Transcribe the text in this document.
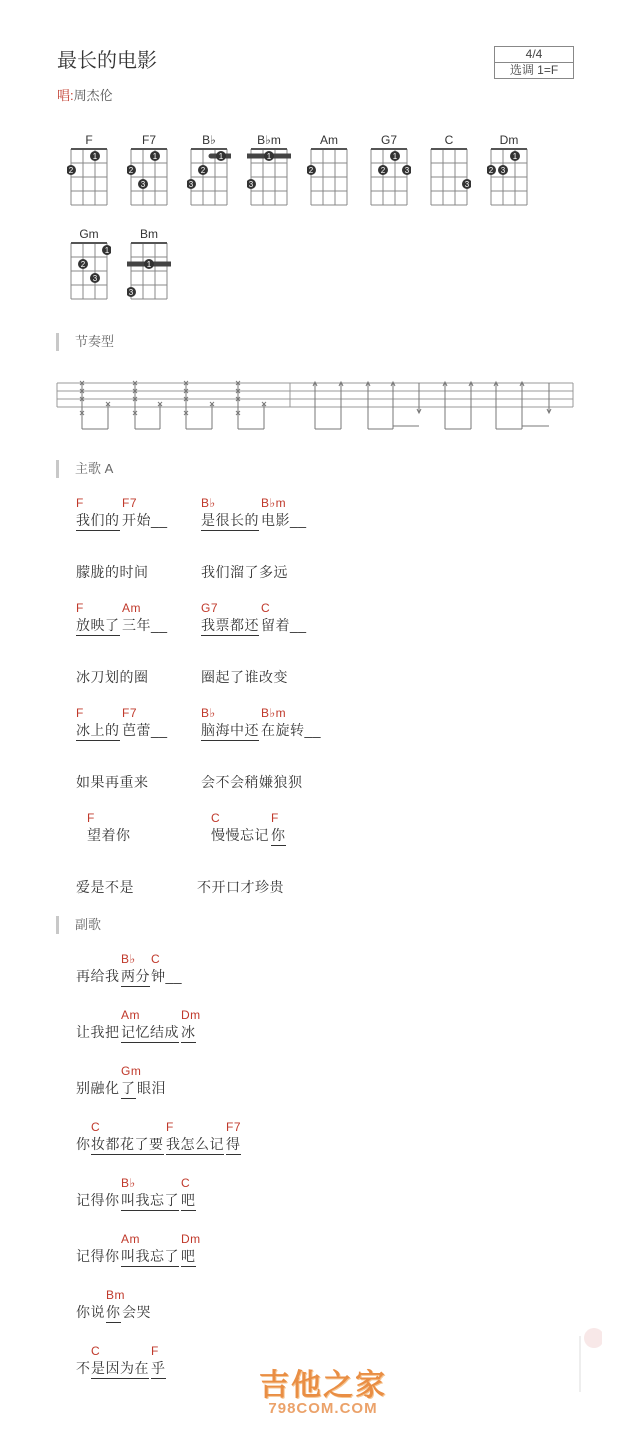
最长的电影
唱:周杰伦
4/4
选调 1=F
F
1
2
F7
1
2
3
B♭
1
2
3
B♭m
1
3
Am
2
G7
1
2 3
C
3
Dm
1
2 3
Gm
1
2
3
Bm
1
3
节奏型
主歌 A
F
我们的
F7
开始__
B♭
是很长的
B♭m
电影__
朦胧的时间	我们溜了多远
F
放映了
Am
三年__
G7
我票都还
C
留着__
冰刀划的圈	圈起了谁改变
F
冰上的
F7
芭蕾__
B♭
脑海中还
B♭m
在旋转__
如果再重来	会不会稍嫌狼狈
F
望着你
C
慢慢忘记
F
你
爱是不是	不开口才珍贵
副歌
再给我
B♭
两分
C
钟__
让我把
Am
记忆结成
Dm
冰
别融化
Gm
了 眼泪
你
C
妆都花了要
F
我怎么记
F7
得
记得你
B♭
叫我忘了
C
吧
记得你
Am
叫我忘了
Dm
吧
你说
Bm
你 会哭
不
C
是因为在
F
乎
吉他之家
798COM.COM
